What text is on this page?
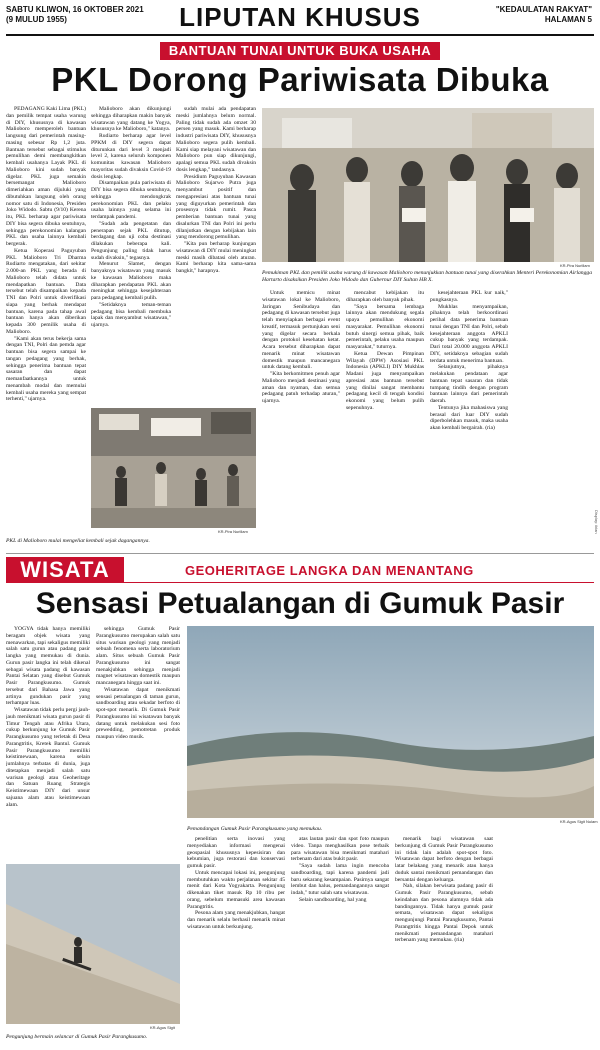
SABTU KLIWON, 16 OKTOBER 2021
(9 MULUD 1955)	LIPUTAN KHUSUS	"KEDAULATAN RAKYAT"
HALAMAN 5
BANTUAN TUNAI UNTUK BUKA USAHA
PKL Dorong Pariwisata Dibuka

PEDAGANG Kaki Lima (PKL) dan pemilik tempat usaha warung di DIY, khususnya di kawasan Malioboro memperoleh bantuan langsung dari pemerintah masing-masing sebesar Rp 1,2 juta. Bantuan tersebut sebagai stimulus pemulihan demi membangkitkan kembali usahanya Layak PKL di Malioboro kini sudah banyak digelar. PKL juga semakin bersemangat Malioboro dimeriahkan aman dijuluki yang dibutuhkan langsung oleh orang nomor satu di Indonesia, Presiden Joko Widodo. Sabtu (9/10) Kerena itu, PKL berharap agar pariwisata DIY bisa segera dibuka seutuhnya, sehingga perekonomian kalangan PKL dan usaha lainnya kembali bergerak.

Ketua Koperasi Paguyuban PKL Malioboro Tri Dharma Rudiarto mengatakan, dari sekitar 2.000-an PKL yang berada di Malioboro telah didata untuk mendapatkan bantuan. Data tersebut telah disampaikan kepada TNI dan Polri untuk diverifikasi siapa yang berhak mendapat bantuan, karena pada tahap awal bantuan hanya akan diberikan kepada 300 pemilik usaha di Malioboro.

"Kami akan terus bekerja sama dengan TNI, Polri dan pemda agar bantuan bisa segera sampai ke tangan pedagang yang berhak, sehingga penerima bantuan tepat sasaran dan dapat memanfaatkannya untuk menambah modal dan memulai kembali usaha mereka yang sempat terhenti," ujarnya.

Malioboro akan dikunjungi sehingga diharapkan makin banyak wisatawan yang datang ke Yogya, khususnya ke Malioboro," katanya.

Rudiarto berharap agar level PPKM di DIY segera dapat diturunkan dari level 3 menjadi level 2, karena seluruh komponen komunitas kawasan Malioboro mayoritas sudah divaksin Covid-19 dosis lengkap.

Disampaikan pula pariwisata di DIY bisa segera dibuka seutuhnya, sehingga mendongkrak perekonomian PKL dan pelaku usaha lainnya yang selama ini terdampak pandemi.

"Sudah ada pengetatan dan penerapan sejak PKL ditutup, berdagang dan uji coba destinasi dilakukan beberapa kali. Pengunjung paling tidak harus sudah divaksin," tegasnya.

Menurut Slamet, dengan banyaknya wisatawan yang masuk ke kawasan Malioboro maka diharapkan pendapatan PKL akan meningkat sehingga kesejahteraan para pedagang kembali pulih.

"Setidaknya teman-teman pedagang bisa kembali membuka lapak dan menyambut wisatawan," ujarnya.

sudah mulai ada pendapatan meski jumlahnya belum normal. Paling tidak sudah ada omzet 30 persen yang masuk. Kami berharap industri pariwisata DIY, khususnya Malioboro segera pulih kembali. Kami siap melayani wisatawan dan Malioboro pun siap dikunjungi, apalagi semua PKL sudah divaksin dosis lengkap," tandasnya.

Presidium Paguyuban Kawasan Malioboro Sujarwo Putra juga menyambut positif dan mengapresiasi atas bantuan tunai yang diguyurkan pemerintah dan prosesnya tidak rumit. Pasca pemberian bantuan tunai yang disalurkan TNI dan Polri ini perlu dilanjutkan dengan kebijakan lain yang mendorong pemulihan.

"Kita pun berharap kunjungan wisatawan di DIY mulai meningkat meski masih dibatasi oleh aturan. Kami berharap kita sama-sama bangkit," harapnya.

KR-Pira Nurillam
Pemukiman PKL dan pemilik usaha warung di kawasan Malioboro menunjukkan bantuan tunai yang diserahkan Menteri Perekonomian Airlangga Hartarto disaksikan Presiden Joko Widodo dan Gubernur DIY Sultan HB X.
KR-Pira Nurillam
PKL di Malioboro mulai mengeliat kembali sejak dagangannya.

Untuk memicu minat wisatawan lokal ke Malioboro, Jaringan Senibudaya dan pedagang di kawasan tersebut juga telah menyiapkan berbagai event kreatif, termasuk pertunjukan seni yang digelar secara berkala dengan protokol kesehatan ketat. Acara tersebut diharapkan dapat menarik minat wisatawan domestik maupun mancanegara untuk datang kembali.

"Kita berkomitmen penuh agar Malioboro menjadi destinasi yang aman dan nyaman, dan semua pedagang patuh terhadap aturan," ujarnya.

mencabut kebijakan itu diharapkan oleh banyak pihak.

"Saya bersama lembaga lainnya akan mendukung segala upaya pemulihan ekonomi masyarakat. Pemulihan ekonomi butuh sinergi semua pihak, baik pemerintah, pelaku usaha maupun masyarakat," tuturnya.

Ketua Dewan Pimpinan Wilayah (DPW) Asosiasi PKL Indonesia (APKLI) DIY Mukhlas Madani juga menyampaikan apresiasi atas bantuan tersebut yang dinilai sangat membantu pedagang kecil di tengah kondisi ekonomi yang belum pulih sepenuhnya.

kesejahteraan PKL kur naik," pungkasnya.

Mukhlas menyampaikan, pihaknya telah berkoordinasi perihal data penerima bantuan tunai dengan TNI dan Polri, sebab kesejahteraan anggota APKLI cukup banyak yang terdampak. Dari total 20.000 anggota APKLI DIY, setidaknya sebagian sudah terdata untuk menerima bantuan.

Selanjutnya, pihaknya melakukan pendataan agar bantuan tepat sasaran dan tidak tumpang tindih dengan program bantuan lainnya dari pemerintah daerah.

Tentunya jika mahasiswa yang berasal dari luar DIY sudah diperbolehkan masuk, maka usaha akan kembali bergairah. (ria)

Display: iklan
WISATA	GEOHERITAGE LANGKA DAN MENANTANG
Sensasi Petualangan di Gumuk Pasir

YOGYA tidak hanya memiliki beragam objek wisata yang menawarkan, tapi sekaligus memiliki salah satu gurun atau padang pasir langka yang memukau di dunia. Gurun pasir langka ini telah dikenal sebagai wisata padang di kawasan Pantai Selatan yang disebut Gumuk Pasir Parangkusumo. Gumuk tersebut dari Bahasa Jawa yang artinya gundukan pasir yang terhampar luas.

Wisatawan tidak perlu pergi jauh-jauh menikmati wisata gurun pasir di Timur Tengah atau Afrika Utara, cukup berkunjung ke Gumuk Pasir Parangkusumo yang terletak di Desa Parangtritis, Kretek Bantul. Gumuk Pasir Parangkusumo memiliki keistimewaan, karena selain jumlahnya terbatas di dunia, juga ditetapkan menjadi salah satu warisan geologi atau Geoheritage dan Satuan Ruang Strategis Keistimewaan DIY dari unsur sajuana alam atau keistimewaan alam.

sehingga Gumuk Pasir Parangkusumo merupakan salah satu situs warisan geologi yang menjadi sebuah fenomena serta laboratorium alam. Situs sebuah Gumuk Pasir Parangkusumo ini sangat menakjubkan sehingga menjadi magnet wisatawan domestik maupun mancanegara hingga saat ini.

Wisatawan dapat menikmati sensasi petualangan di taman gurun, sandboarding atau sekadar berfoto di spot-spot menarik. Di Gumuk Pasir Parangkusumo ini wisatawan banyak datang untuk melakukan sesi foto prewedding, pemotretan produk maupun video musik.

KR-Agus Sigit Nulam
Pemandangan Gumuk Pasir Parangkusumo yang memukau.
KR-Agus Sigit
Pengunjung bermain selancar di Gumuk Pasir Parangkusumo.

penelitian serta inovasi yang menyediakan informasi mengenai geospasial khususnya kepesisiran dan kebumian, juga restorasi dan konservasi gumuk pasir.

Untuk mencapai lokasi ini, pengunjung membutuhkan waktu perjalanan sekitar 45 menit dari Kota Yogyakarta. Pengunjung dikenakan tiket masuk Rp 10 ribu per orang, sebelum memasuki area kawasan Parangtritis.

Pesona alam yang menakjubkan, hangat dan menarik selalu berhasil menarik minat wisatawan untuk berkunjung.

atas lautan pasir dan spot foto maupun video. Tanpa menghasilkan pose terbaik para wisatawan bisa menikmati matahari terbenam dari atas bukit pasir.

"Saya sudah lama ingin mencoba sandboarding, tapi karena pandemi jadi baru sekarang kesampaian. Pasirnya sangat lembut dan halus, pemandangannya sangat indah," tutur salah satu wisatawan.

Selain sandboarding, hal yang

menarik bagi wisatawan saat berkunjung di Gumuk Pasir Parangkusumo ini tidak lain adalah spot-spot foto. Wisatawan dapat berfoto dengan berbagai latar belakang yang menarik atau hanya duduk santai menikmati pemandangan dan bersantai dengan keluarga.

Nah, silakan berwisata padang pasir di Gumuk Pasir Parangkusumo, sebab keindahan dan pesona alamnya tidak ada bandingannya. Tidak hanya gumuk pasir semata, wisatawan dapat sekaligus mengunjungi Pantai Parangkusumo, Pantai Parangtritis hingga Pantai Depok untuk menikmati pemandangan matahari terbenam yang memukau. (ria)
